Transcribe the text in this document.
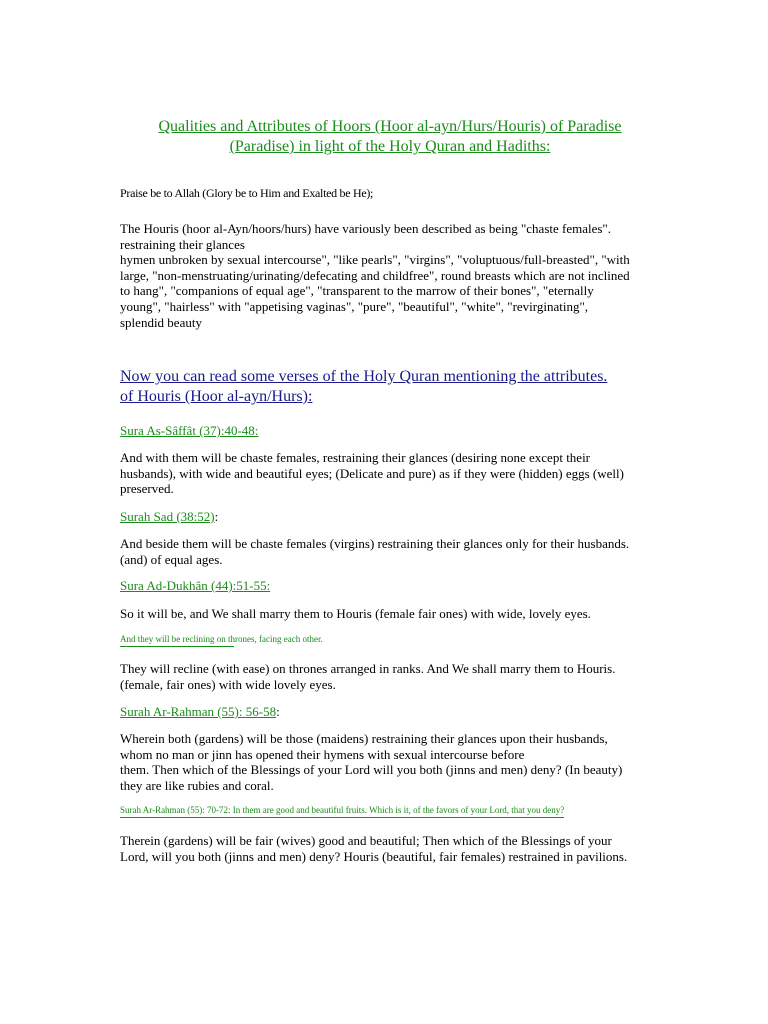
Qualities and Attributes of Hoors (Hoor al-ayn/Hurs/Houris) of Paradise
(Paradise) in light of the Holy Quran and Hadiths:
Praise be to Allah (Glory be to Him and Exalted be He);
The Houris (hoor al-Ayn/hoors/hurs) have variously been described as being "chaste females".
restraining their glances
hymen unbroken by sexual intercourse", "like pearls", "virgins", "voluptuous/full-breasted", "with
large, "non-menstruating/urinating/defecating and childfree", round breasts which are not inclined
to hang", "companions of equal age", "transparent to the marrow of their bones", "eternally
young", "hairless" with "appetising vaginas", "pure", "beautiful", "white", "revirginating",
splendid beauty
Now you can read some verses of the Holy Quran mentioning the attributes.
of Houris (Hoor al-ayn/Hurs):
Sura As-Sâffât (37):40-48:
And with them will be chaste females, restraining their glances (desiring none except their
husbands), with wide and beautiful eyes; (Delicate and pure) as if they were (hidden) eggs (well)
preserved.
Surah Sad (38:52):
And beside them will be chaste females (virgins) restraining their glances only for their husbands.
(and) of equal ages.
Sura Ad-Dukhân (44):51-55:
So it will be, and We shall marry them to Houris (female fair ones) with wide, lovely eyes.
And they will be reclining on thrones, facing each other.
They will recline (with ease) on thrones arranged in ranks. And We shall marry them to Houris.
(female, fair ones) with wide lovely eyes.
Surah Ar-Rahman (55): 56-58:
Wherein both (gardens) will be those (maidens) restraining their glances upon their husbands,
whom no man or jinn has opened their hymens with sexual intercourse before
them. Then which of the Blessings of your Lord will you both (jinns and men) deny? (In beauty)
they are like rubies and coral.
Surah Ar-Rahman (55): 70-72: In them are good and beautiful fruits. Which is it, of the favors of your Lord, that you deny?
Therein (gardens) will be fair (wives) good and beautiful; Then which of the Blessings of your
Lord, will you both (jinns and men) deny? Houris (beautiful, fair females) restrained in pavilions.
